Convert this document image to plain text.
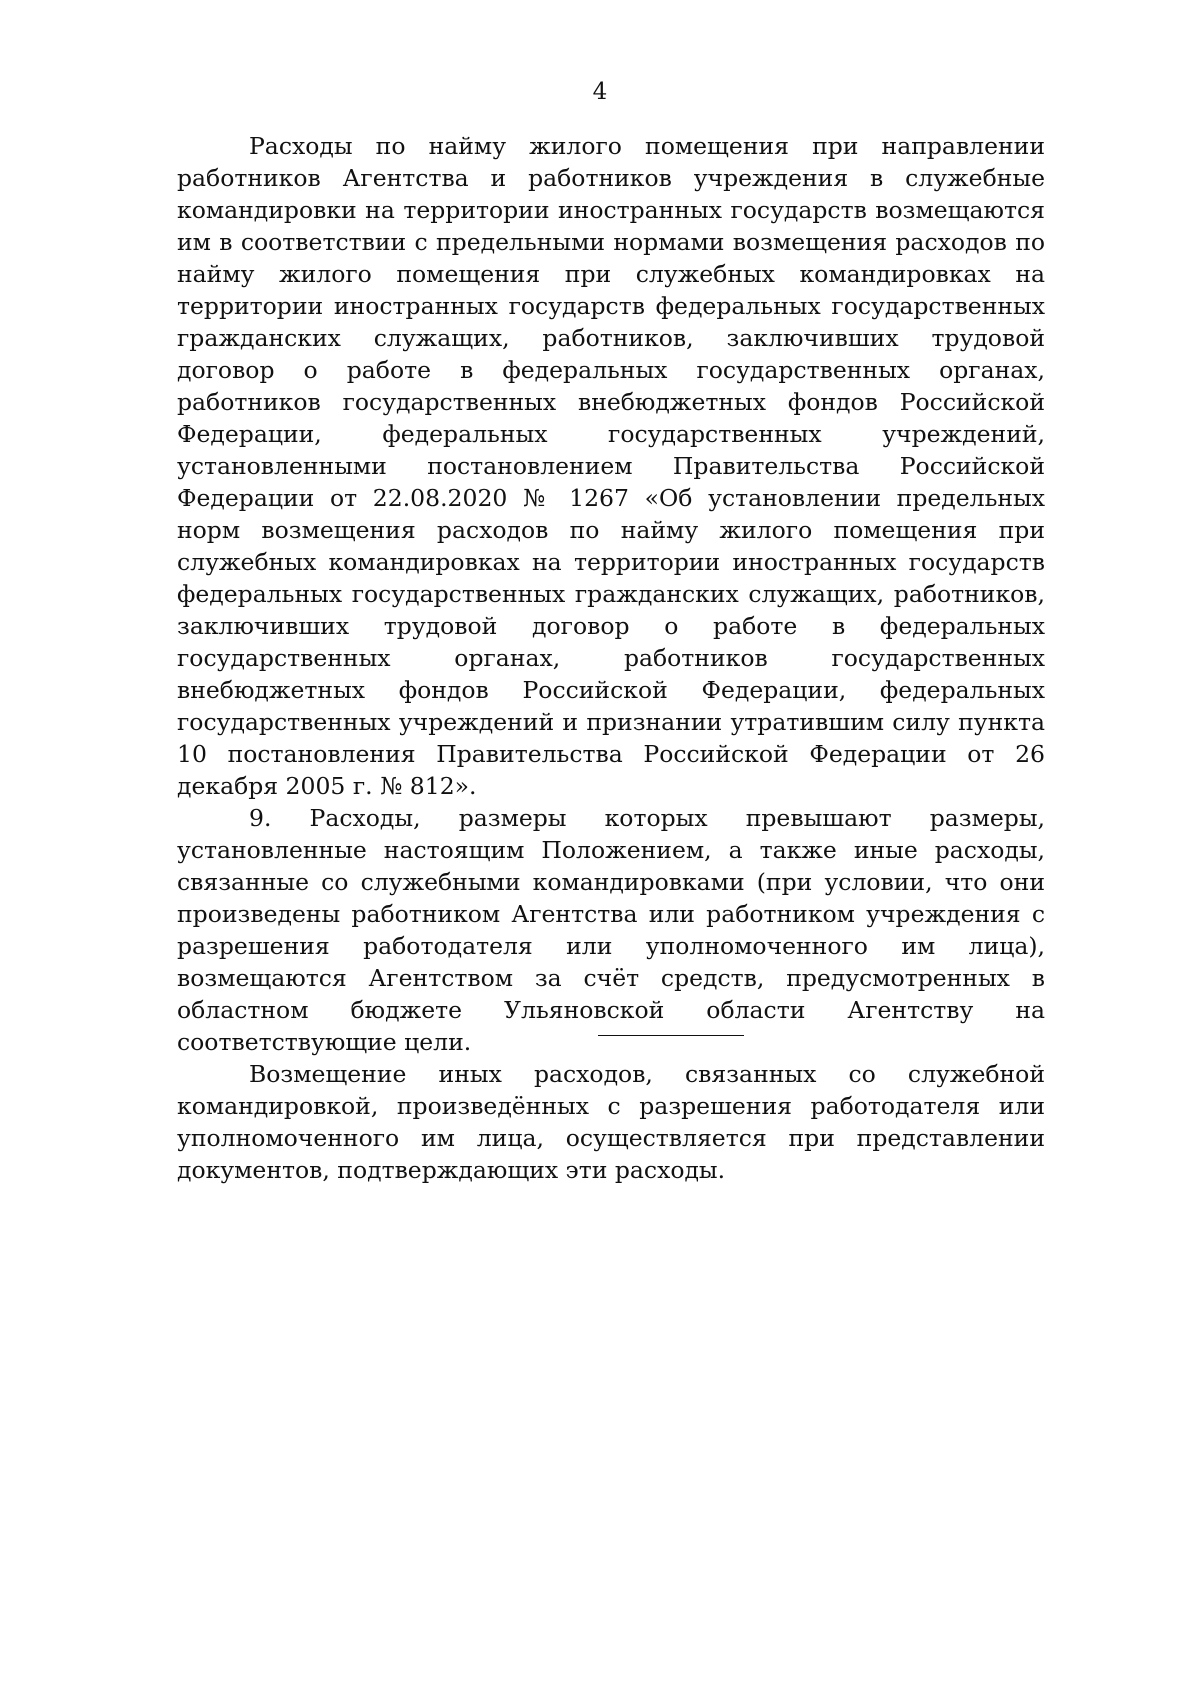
4

Расходы по найму жилого помещения при направлении работников Агентства и работников учреждения в служебные командировки на территории иностранных государств возмещаются им в соответствии с предельными нормами возмещения расходов по найму жилого помещения при служебных командировках на территории иностранных государств федеральных государственных гражданских служащих, работников, заключивших трудовой договор о работе в федеральных государственных органах, работников государственных внебюджетных фондов Российской Федерации, федеральных государственных учреждений, установленными постановлением Правительства Российской Федерации от 22.08.2020 № 1267 «Об установлении предельных норм возмещения расходов по найму жилого помещения при служебных командировках на территории иностранных государств федеральных государственных гражданских служащих, работников, заключивших трудовой договор о работе в федеральных государственных органах, работников государственных внебюджетных фондов Российской Федерации, федеральных государственных учреждений и признании утратившим силу пункта 10 постановления Правительства Российской Федерации от 26 декабря 2005 г. № 812».

9. Расходы, размеры которых превышают размеры, установленные настоящим Положением, а также иные расходы, связанные со служебными командировками (при условии, что они произведены работником Агентства или работником учреждения с разрешения работодателя или уполномоченного им лица), возмещаются Агентством за счёт средств, предусмотренных в областном бюджете Ульяновской области Агентству на соответствующие цели.

Возмещение иных расходов, связанных со служебной командировкой, произведённых с разрешения работодателя или уполномоченного им лица, осуществляется при представлении документов, подтверждающих эти расходы.
